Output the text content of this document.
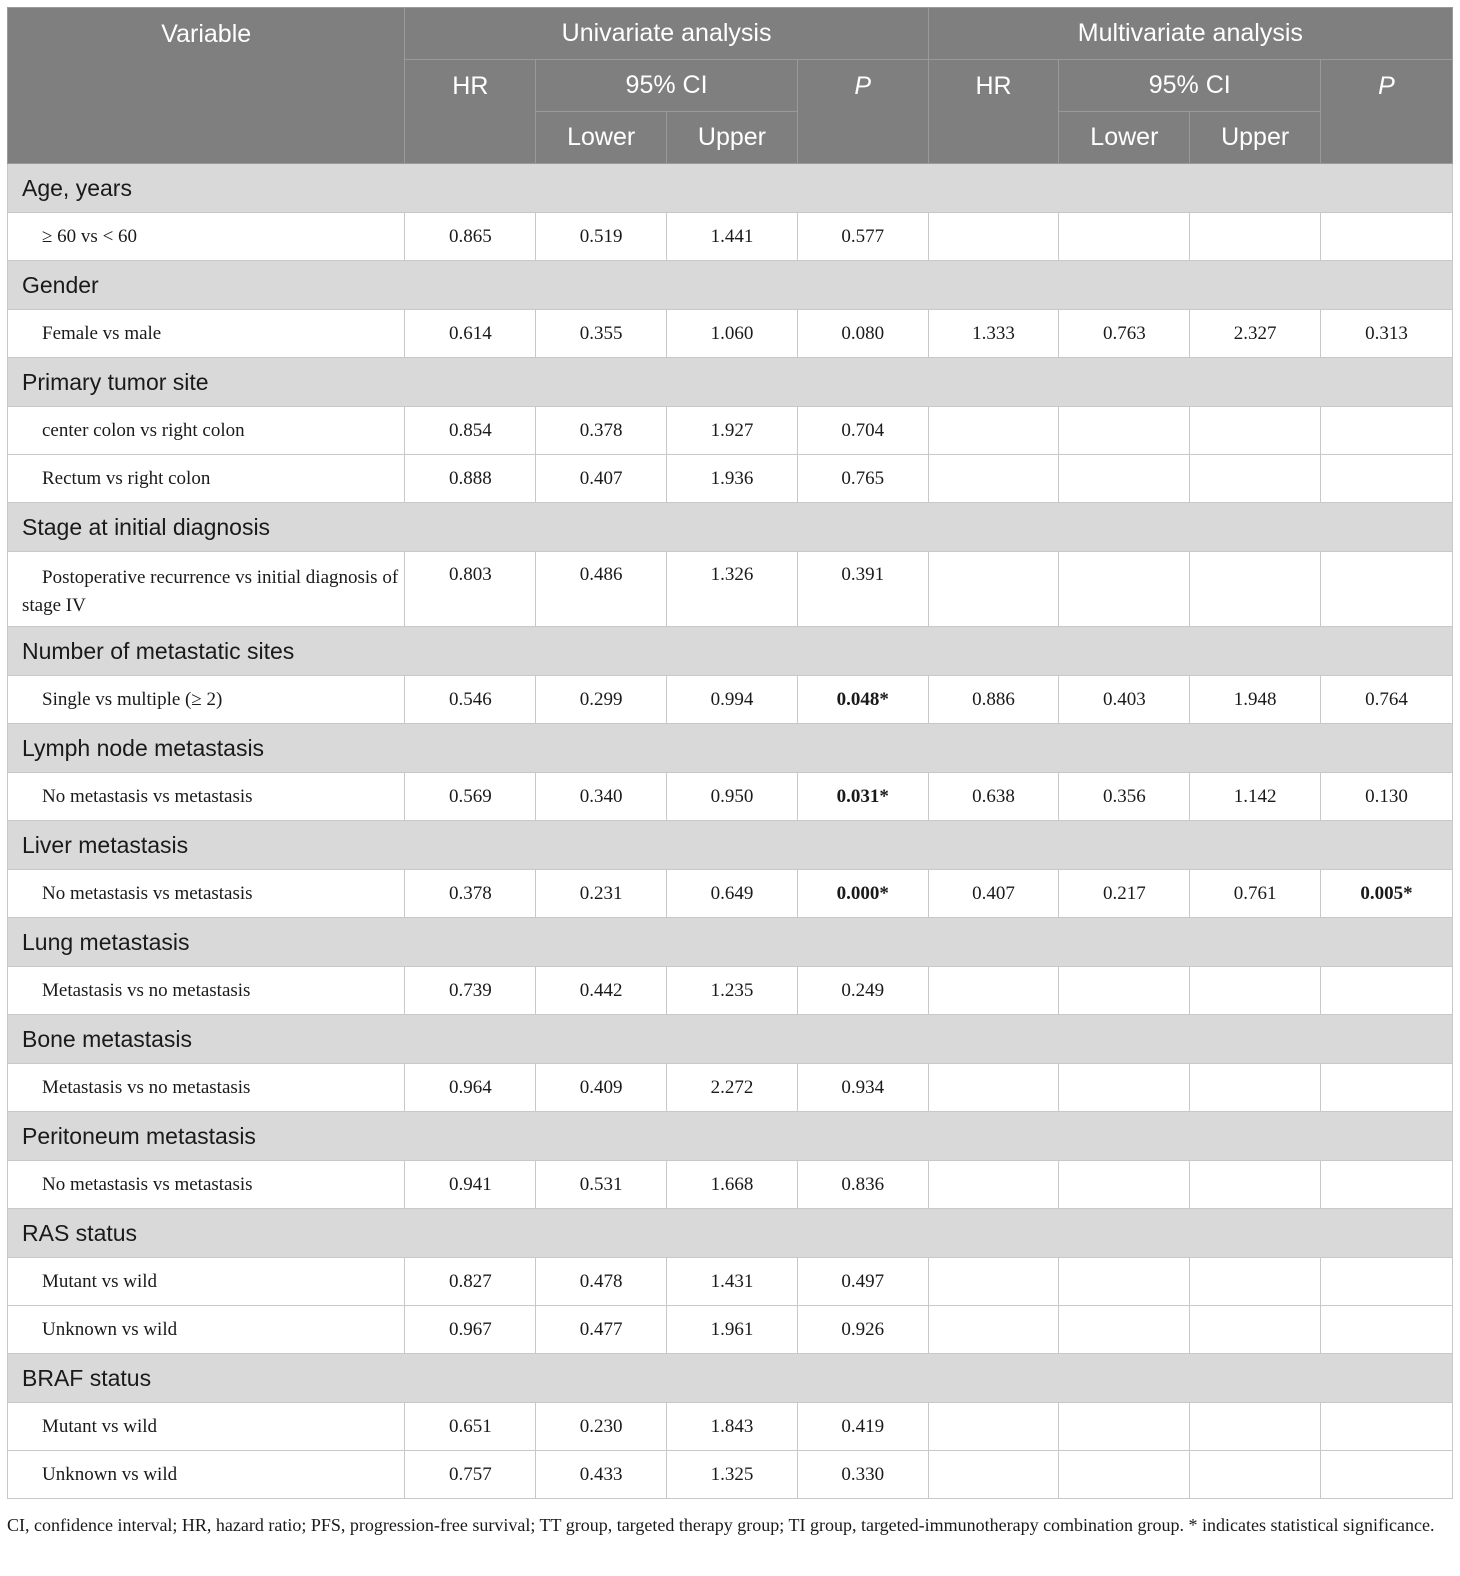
Variable	Univariate analysis				Multivariate analysis			
	HR	95% CI		P	HR	95% CI		P
		Lower	Upper			Lower	Upper	
Age, years								
≥ 60 vs < 60	0.865	0.519	1.441	0.577				
Gender								
Female vs male	0.614	0.355	1.060	0.080	1.333	0.763	2.327	0.313
Primary tumor site								
center colon vs right colon	0.854	0.378	1.927	0.704				
Rectum vs right colon	0.888	0.407	1.936	0.765				
Stage at initial diagnosis								
Postoperative recurrence vs initial diagnosis of stage IV	0.803	0.486	1.326	0.391				
Number of metastatic sites								
Single vs multiple (≥ 2)	0.546	0.299	0.994	0.048*	0.886	0.403	1.948	0.764
Lymph node metastasis								
No metastasis vs metastasis	0.569	0.340	0.950	0.031*	0.638	0.356	1.142	0.130
Liver metastasis								
No metastasis vs metastasis	0.378	0.231	0.649	0.000*	0.407	0.217	0.761	0.005*
Lung metastasis								
Metastasis vs no metastasis	0.739	0.442	1.235	0.249				
Bone metastasis								
Metastasis vs no metastasis	0.964	0.409	2.272	0.934				
Peritoneum metastasis								
No metastasis vs metastasis	0.941	0.531	1.668	0.836				
RAS status								
Mutant vs wild	0.827	0.478	1.431	0.497				
Unknown vs wild	0.967	0.477	1.961	0.926				
BRAF status								
Mutant vs wild	0.651	0.230	1.843	0.419				
Unknown vs wild	0.757	0.433	1.325	0.330				
CI, confidence interval; HR, hazard ratio; PFS, progression-free survival; TT group, targeted therapy group; TI group, targeted-immunotherapy combination group. * indicates statistical significance.
